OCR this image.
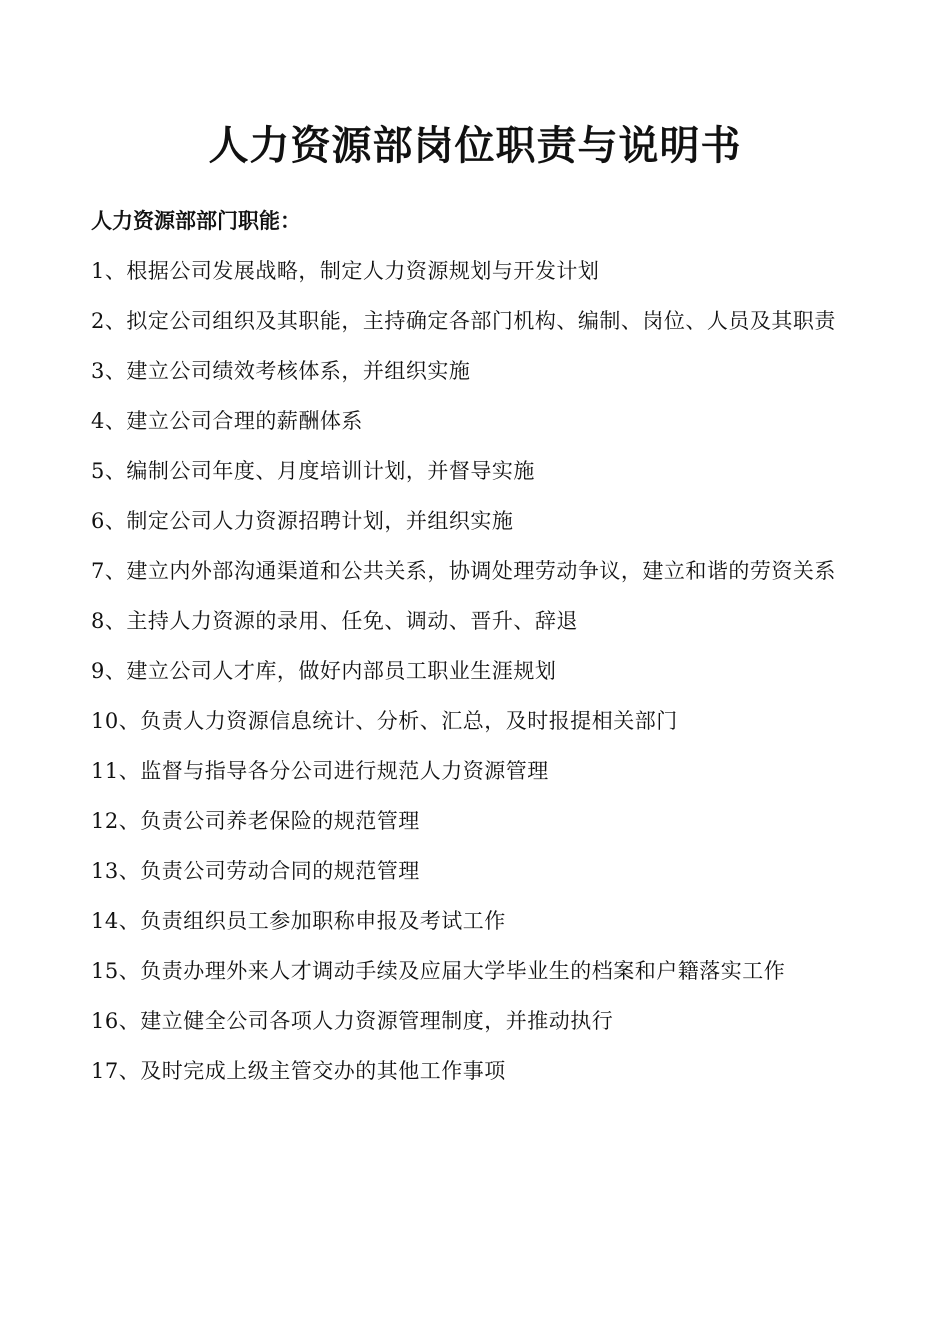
人力资源部岗位职责与说明书
人力资源部部门职能：
1、根据公司发展战略，制定人力资源规划与开发计划
2、拟定公司组织及其职能，主持确定各部门机构、编制、岗位、人员及其职责
3、建立公司绩效考核体系，并组织实施
4、建立公司合理的薪酬体系
5、编制公司年度、月度培训计划，并督导实施
6、制定公司人力资源招聘计划，并组织实施
7、建立内外部沟通渠道和公共关系，协调处理劳动争议，建立和谐的劳资关系
8、主持人力资源的录用、任免、调动、晋升、辞退
9、建立公司人才库，做好内部员工职业生涯规划
10、负责人力资源信息统计、分析、汇总，及时报提相关部门
11、监督与指导各分公司进行规范人力资源管理
12、负责公司养老保险的规范管理
13、负责公司劳动合同的规范管理
14、负责组织员工参加职称申报及考试工作
15、负责办理外来人才调动手续及应届大学毕业生的档案和户籍落实工作
16、建立健全公司各项人力资源管理制度，并推动执行
17、及时完成上级主管交办的其他工作事项
